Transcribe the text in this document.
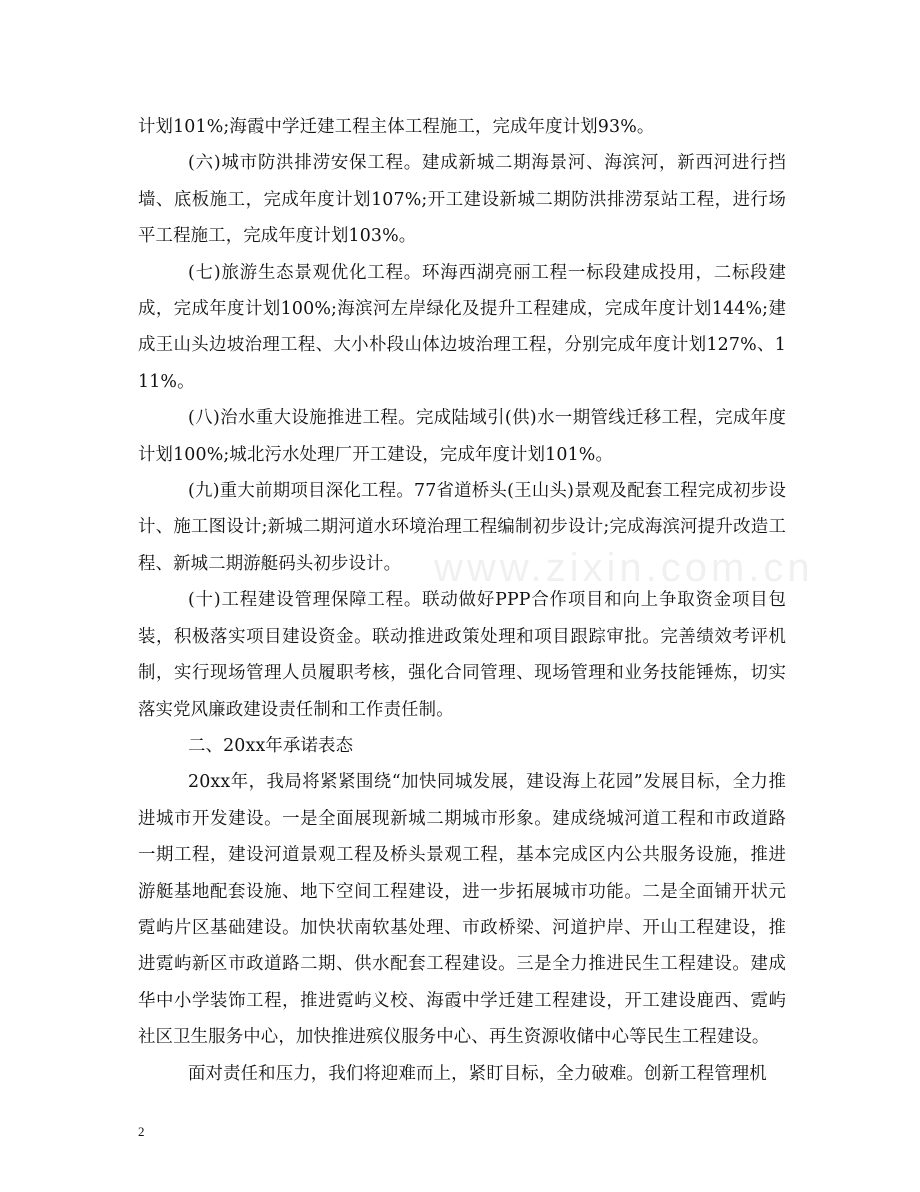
www.zixin.com.cn

计划101%;海霞中学迁建工程主体工程施工，完成年度计划93%。

(六)城市防洪排涝安保工程。建成新城二期海景河、海滨河，新西河进行挡墙、底板施工，完成年度计划107%;开工建设新城二期防洪排涝泵站工程，进行场平工程施工，完成年度计划103%。

(七)旅游生态景观优化工程。环海西湖亮丽工程一标段建成投用，二标段建成，完成年度计划100%;海滨河左岸绿化及提升工程建成，完成年度计划144%;建成王山头边坡治理工程、大小朴段山体边坡治理工程，分别完成年度计划127%、111%。

(八)治水重大设施推进工程。完成陆域引(供)水一期管线迁移工程，完成年度计划100%;城北污水处理厂开工建设，完成年度计划101%。

(九)重大前期项目深化工程。77省道桥头(王山头)景观及配套工程完成初步设计、施工图设计;新城二期河道水环境治理工程编制初步设计;完成海滨河提升改造工程、新城二期游艇码头初步设计。

(十)工程建设管理保障工程。联动做好PPP合作项目和向上争取资金项目包装，积极落实项目建设资金。联动推进政策处理和项目跟踪审批。完善绩效考评机制，实行现场管理人员履职考核，强化合同管理、现场管理和业务技能锤炼，切实落实党风廉政建设责任制和工作责任制。

二、20xx年承诺表态

20xx年，我局将紧紧围绕“加快同城发展，建设海上花园”发展目标，全力推进城市开发建设。一是全面展现新城二期城市形象。建成绕城河道工程和市政道路一期工程，建设河道景观工程及桥头景观工程，基本完成区内公共服务设施，推进游艇基地配套设施、地下空间工程建设，进一步拓展城市功能。二是全面铺开状元霓屿片区基础建设。加快状南软基处理、市政桥梁、河道护岸、开山工程建设，推进霓屿新区市政道路二期、供水配套工程建设。三是全力推进民生工程建设。建成华中小学装饰工程，推进霓屿义校、海霞中学迁建工程建设，开工建设鹿西、霓屿社区卫生服务中心，加快推进殡仪服务中心、再生资源收储中心等民生工程建设。

面对责任和压力，我们将迎难而上，紧盯目标，全力破难。创新工程管理机

2
